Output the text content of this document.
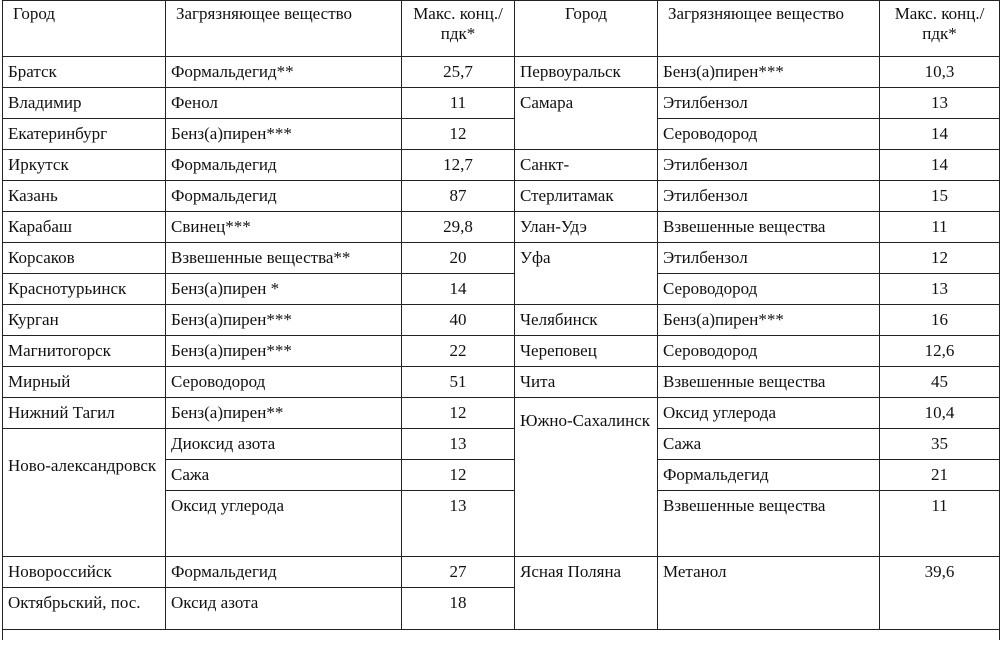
Город	Загрязняющее вещество	Макс. конц./ пдк*	Город	Загрязняющее вещество	Макс. конц./ пдк*
Братск	Формальдегид**	25,7	Первоуральск	Бенз(а)пирен***	10,3
Владимир	Фенол	11	Самара	Этилбензол	13
Екатеринбург	Бенз(а)пирен***	12		Сероводород	14
Иркутск	Формальдегид	12,7	Санкт-	Этилбензол	14
Казань	Формальдегид	87	Стерлитамак	Этилбензол	15
Карабаш	Свинец***	29,8	Улан-Удэ	Взвешенные вещества	11
Корсаков	Взвешенные вещества**	20	Уфа	Этилбензол	12
Краснотурьинск	Бенз(а)пирен *	14		Сероводород	13
Курган	Бенз(а)пирен***	40	Челябинск	Бенз(а)пирен***	16
Магнитогорск	Бенз(а)пирен***	22	Череповец	Сероводород	12,6
Мирный	Сероводород	51	Чита	Взвешенные вещества	45
Нижний Тагил	Бенз(а)пирен**	12	Южно-Сахалинск	Оксид углерода	10,4
Ново-александровск	Диоксид азота	13		Сажа	35
	Сажа	12		Формальдегид	21
	Оксид углерода	13		Взвешенные вещества	11
Новороссийск	Формальдегид	27	Ясная Поляна	Метанол	39,6
Октябрьский, пос.	Оксид азота	18			
